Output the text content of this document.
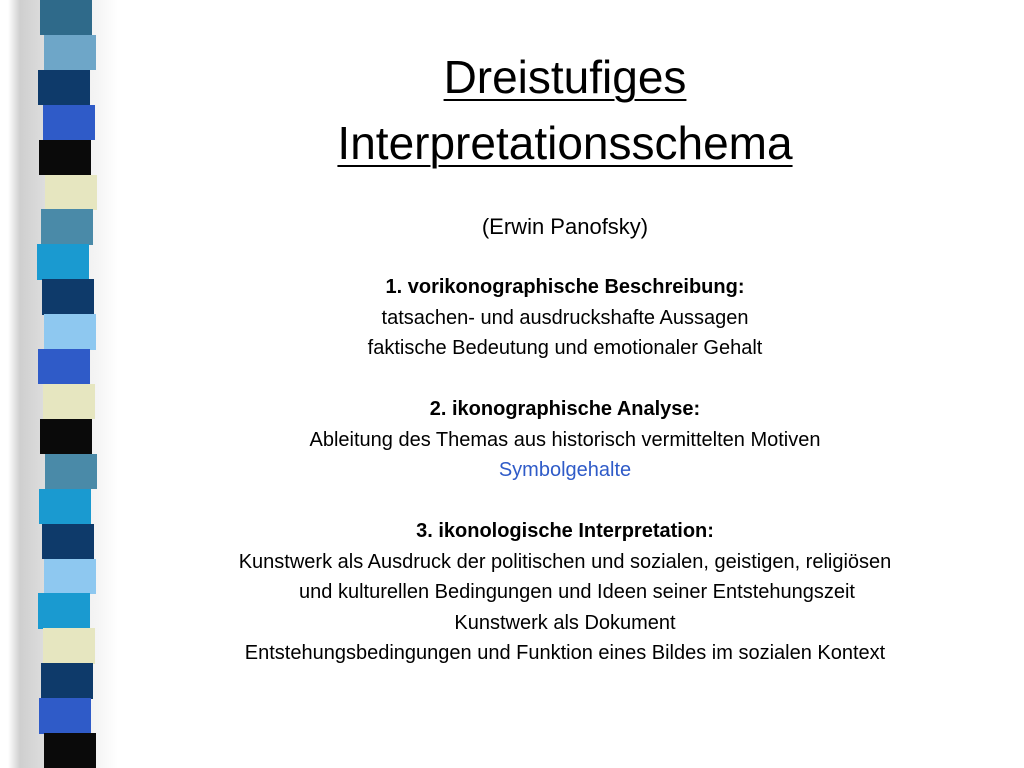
Dreistufiges
Interpretationsschema
(Erwin Panofsky)
1. vorikonographische Beschreibung:
tatsachen- und ausdruckshafte Aussagen
faktische Bedeutung und emotionaler Gehalt
2. ikonographische Analyse:
Ableitung des Themas aus historisch vermittelten Motiven
Symbolgehalte
3. ikonologische Interpretation:
Kunstwerk als Ausdruck der politischen und sozialen, geistigen, religiösen
und kulturellen Bedingungen und Ideen seiner Entstehungszeit
Kunstwerk als Dokument
Entstehungsbedingungen und Funktion eines Bildes im sozialen Kontext
